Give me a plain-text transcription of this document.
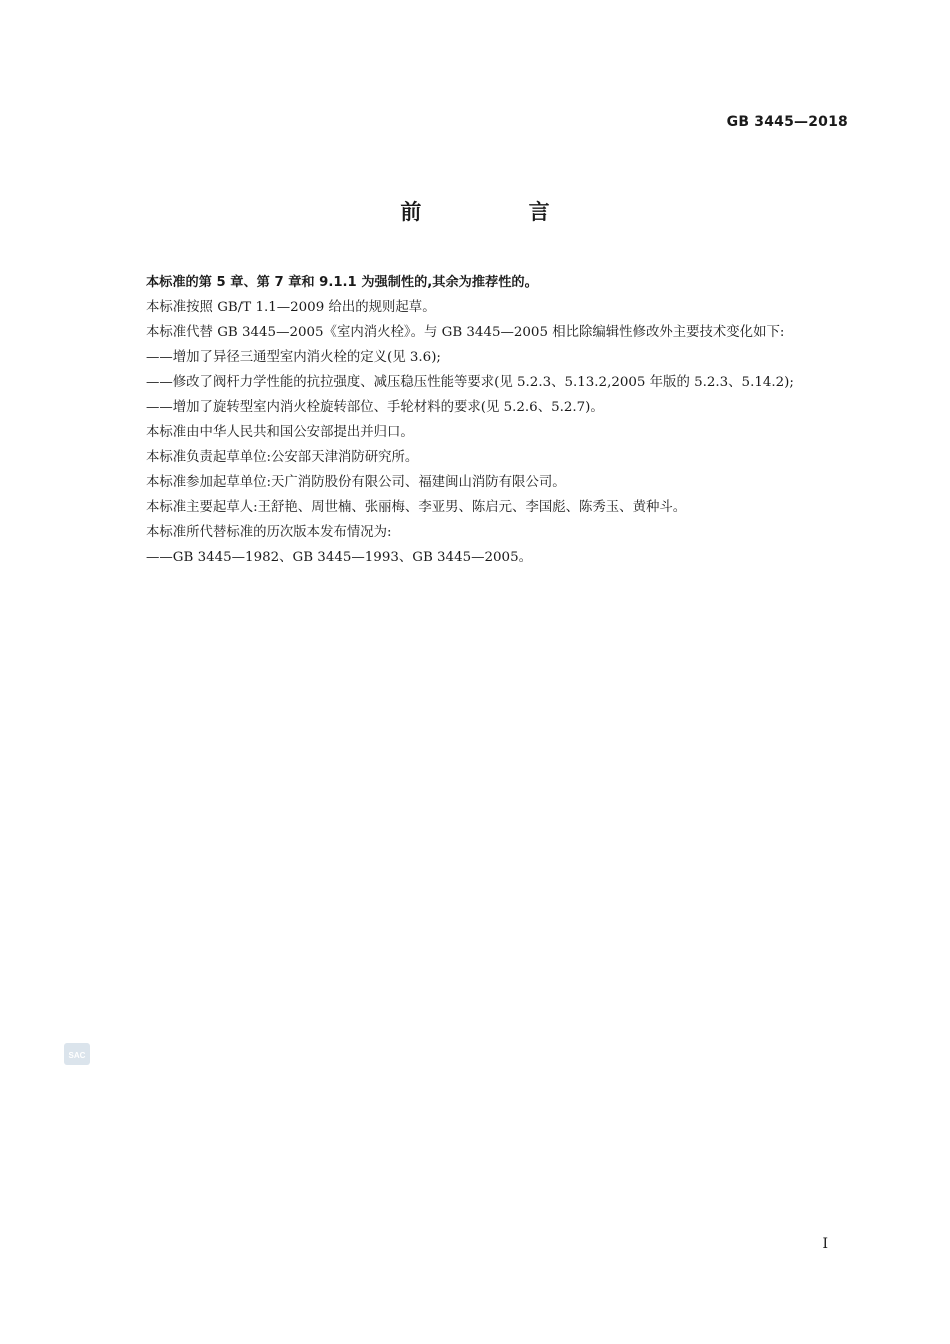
GB 3445—2018
前 言

本标准的第 5 章、第 7 章和 9.1.1 为强制性的,其余为推荐性的。

本标准按照 GB/T 1.1—2009 给出的规则起草。

本标准代替 GB 3445—2005《室内消火栓》。与 GB 3445—2005 相比除编辑性修改外主要技术变化如下:

——增加了异径三通型室内消火栓的定义(见 3.6);

——修改了阀杆力学性能的抗拉强度、减压稳压性能等要求(见 5.2.3、5.13.2,2005 年版的 5.2.3、5.14.2);

——增加了旋转型室内消火栓旋转部位、手轮材料的要求(见 5.2.6、5.2.7)。

本标准由中华人民共和国公安部提出并归口。

本标准负责起草单位:公安部天津消防研究所。

本标准参加起草单位:天广消防股份有限公司、福建闽山消防有限公司。

本标准主要起草人:王舒艳、周世楠、张丽梅、李亚男、陈启元、李国彪、陈秀玉、黄种斗。

本标准所代替标准的历次版本发布情况为:

——GB 3445—1982、GB 3445—1993、GB 3445—2005。

SAC
I
